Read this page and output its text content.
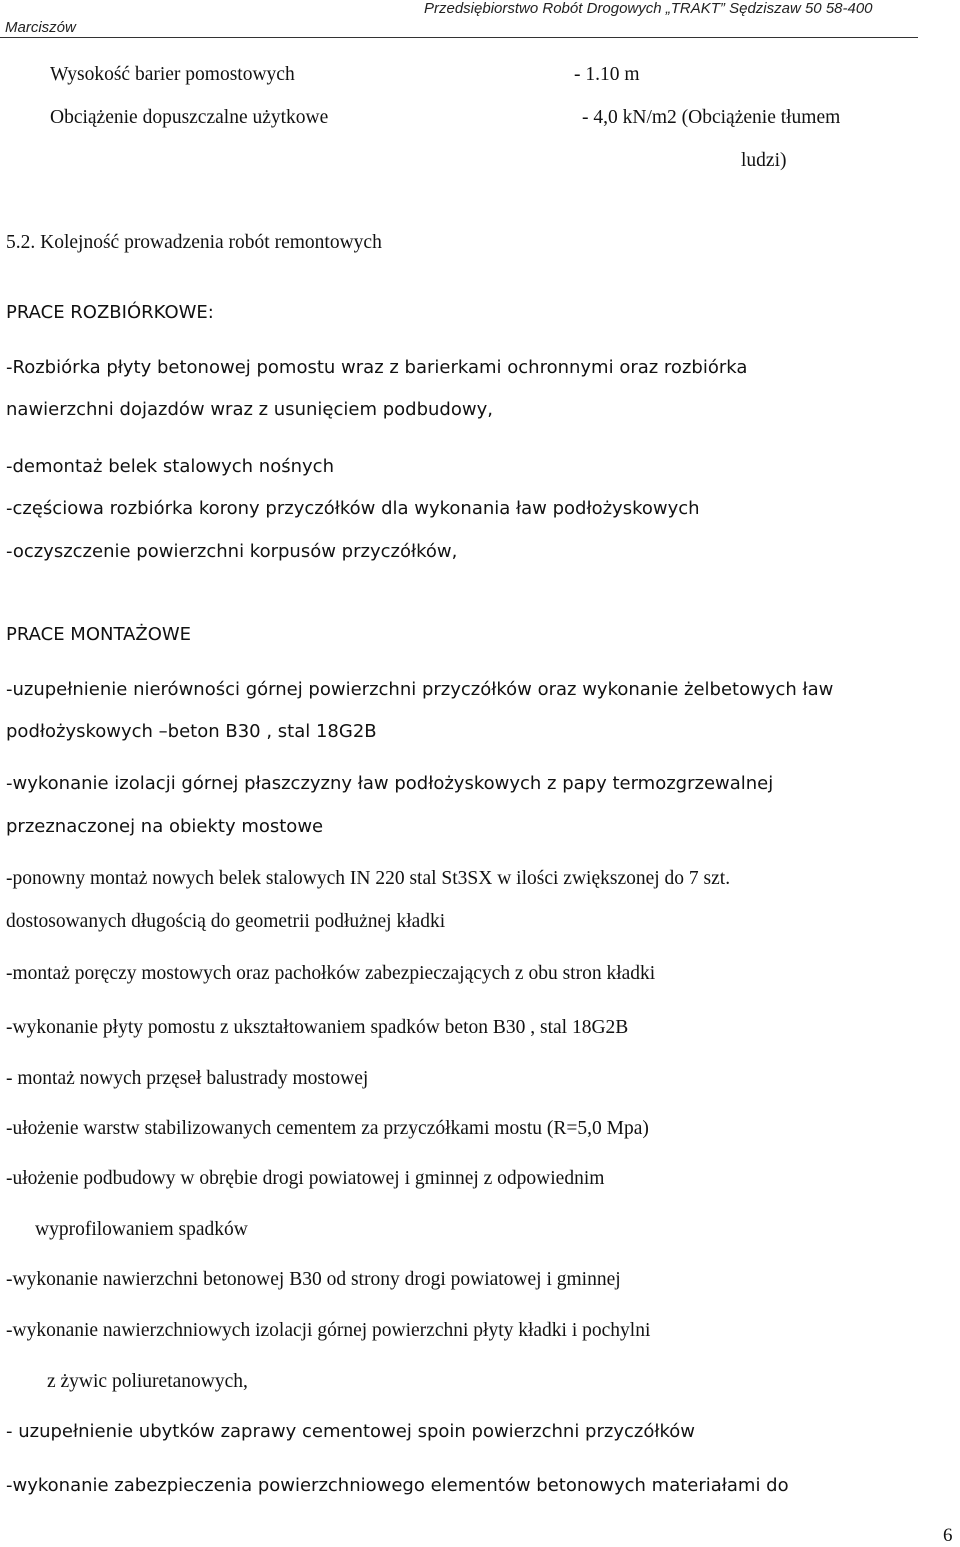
Przedsiębiorstwo Robót Drogowych „TRAKT” Sędziszaw 50 58-400
Marciszów
Wysokość barier pomostowych	- 1.10 m
Obciążenie dopuszczalne użytkowe	- 4,0 kN/m2 (Obciążenie tłumem
ludzi)
5.2. Kolejność prowadzenia robót remontowych
PRACE ROZBIÓRKOWE:
-Rozbiórka płyty betonowej pomostu wraz z barierkami ochronnymi oraz rozbiórka
nawierzchni dojazdów wraz z usunięciem podbudowy,
-demontaż belek stalowych nośnych
-częściowa rozbiórka korony przyczółków dla wykonania ław podłożyskowych
-oczyszczenie powierzchni korpusów przyczółków,
PRACE MONTAŻOWE
-uzupełnienie nierówności górnej powierzchni przyczółków oraz wykonanie żelbetowych ław
podłożyskowych –beton B30 , stal 18G2B
-wykonanie izolacji górnej płaszczyzny ław podłożyskowych z papy termozgrzewalnej
przeznaczonej na obiekty mostowe
-ponowny montaż nowych belek stalowych IN 220 stal St3SX w ilości zwiększonej do 7 szt.
dostosowanych długością do geometrii podłużnej kładki
-montaż poręczy mostowych oraz pachołków zabezpieczających z obu stron kładki
-wykonanie płyty pomostu z ukształtowaniem spadków beton B30 , stal 18G2B
- montaż nowych przęseł balustrady mostowej
-ułożenie warstw stabilizowanych cementem za przyczółkami mostu (R=5,0 Mpa)
-ułożenie podbudowy w obrębie drogi powiatowej i gminnej z odpowiednim
wyprofilowaniem spadków
-wykonanie nawierzchni betonowej B30 od strony drogi powiatowej i gminnej
-wykonanie nawierzchniowych izolacji górnej powierzchni płyty kładki i pochylni
z żywic poliuretanowych,
- uzupełnienie ubytków zaprawy cementowej spoin powierzchni przyczółków
-wykonanie zabezpieczenia powierzchniowego elementów betonowych materiałami do
6
